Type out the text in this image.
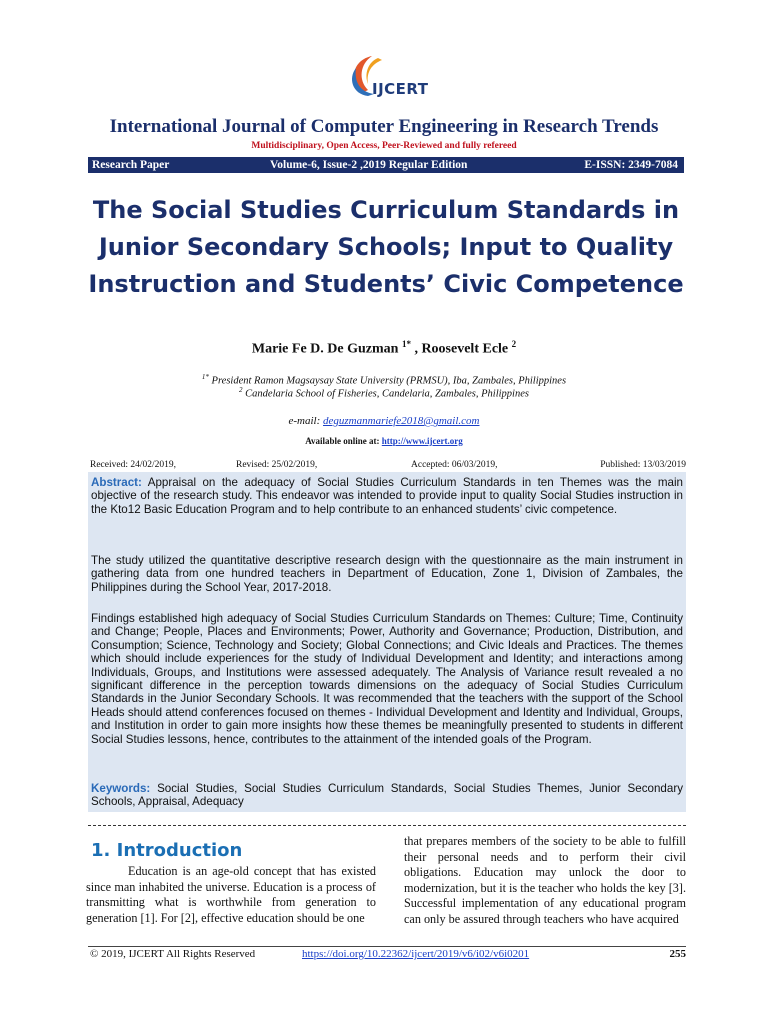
IJCERT
International Journal of Computer Engineering in Research Trends
Multidisciplinary, Open Access, Peer-Reviewed and fully refereed
Research Paper	Volume-6, Issue-2 ,2019 Regular Edition	E-ISSN: 2349-7084
The Social Studies Curriculum Standards in
Junior Secondary Schools; Input to Quality
Instruction and Students’ Civic Competence
Marie Fe D. De Guzman $^{1*}$ , Roosevelt Ecle $^2$
$^{1*}$ President Ramon Magsaysay State University (PRMSU), Iba, Zambales, Philippines
$^2$ Candelaria School of Fisheries, Candelaria, Zambales, Philippines
e-mail: deguzmanmariefe2018@gmail.com
Available online at: http://www.ijcert.org
Received: 24/02/2019,	Revised: 25/02/2019,	Accepted: 06/03/2019,	Published: 13/03/2019

Abstract: Appraisal on the adequacy of Social Studies Curriculum Standards in ten Themes was the main objective of the research study. This endeavor was intended to provide input to quality Social Studies instruction in the Kto12 Basic Education Program and to help contribute to an enhanced students’ civic competence.

The study utilized the quantitative descriptive research design with the questionnaire as the main instrument in gathering data from one hundred teachers in Department of Education, Zone 1, Division of Zambales, the Philippines during the School Year, 2017-2018.

Findings established high adequacy of Social Studies Curriculum Standards on Themes: Culture; Time, Continuity and Change; People, Places and Environments; Power, Authority and Governance; Production, Distribution, and Consumption; Science, Technology and Society; Global Connections; and Civic Ideals and Practices. The themes which should include experiences for the study of Individual Development and Identity; and interactions among Individuals, Groups, and Institutions were assessed adequately. The Analysis of Variance result revealed a no significant difference in the perception towards dimensions on the adequacy of Social Studies Curriculum Standards in the Junior Secondary Schools. It was recommended that the teachers with the support of the School Heads should attend conferences focused on themes - Individual Development and Identity and Individual, Groups, and Institution in order to gain more insights how these themes be meaningfully presented to students in different Social Studies lessons, hence, contributes to the attainment of the intended goals of the Program.

Keywords: Social Studies, Social Studies Curriculum Standards, Social Studies Themes, Junior Secondary Schools, Appraisal, Adequacy

1. Introduction

Education is an age-old concept that has existed since man inhabited the universe. Education is a process of transmitting what is worthwhile from generation to generation [1]. For [2], effective education should be one

that prepares members of the society to be able to fulfill their personal needs and to perform their civil obligations. Education may unlock the door to modernization, but it is the teacher who holds the key [3]. Successful implementation of any educational program can only be assured through teachers who have acquired

© 2019, IJCERT All Rights Reserved	https://doi.org/10.22362/ijcert/2019/v6/i02/v6i0201	255
